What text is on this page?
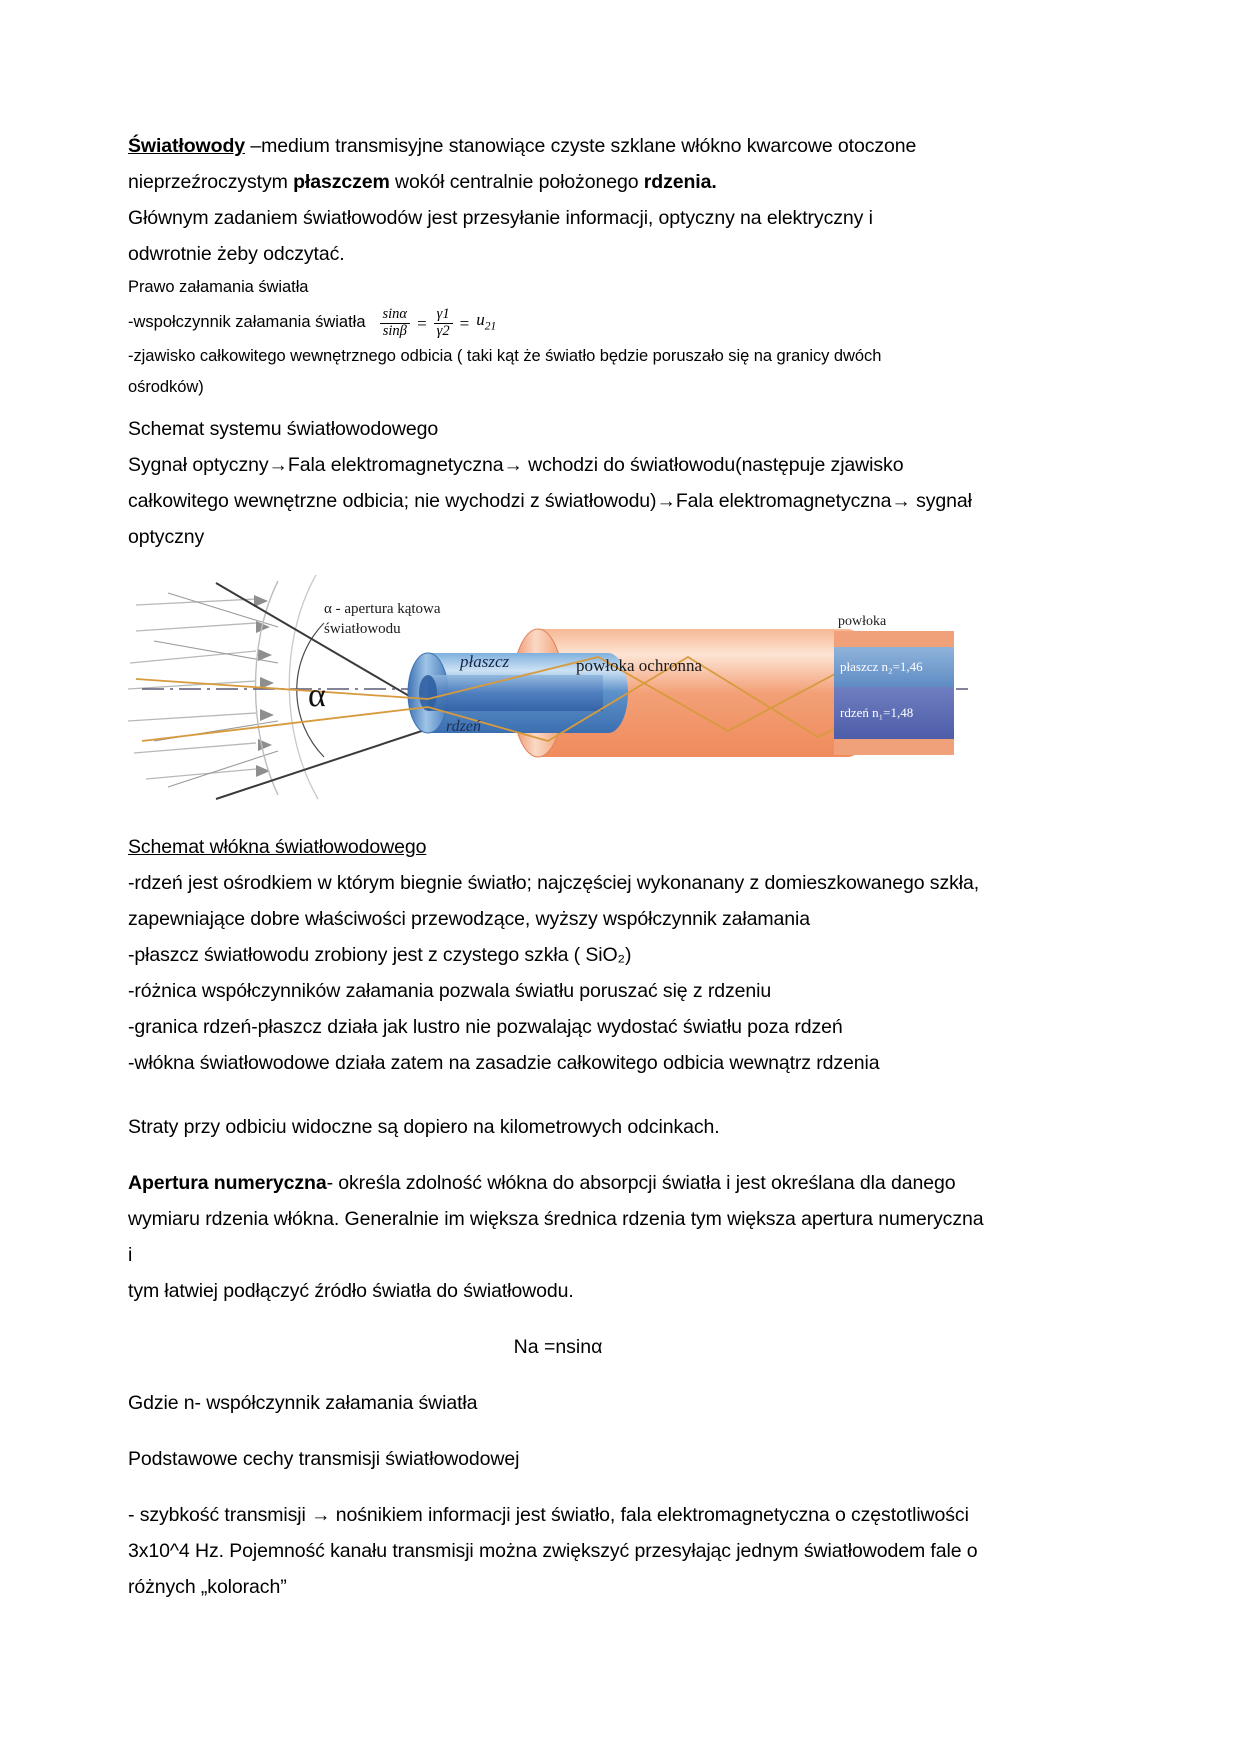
Światłowody –medium transmisyjne stanowiące czyste szklane włókno kwarcowe otoczone
nieprzeźroczystym płaszczem wokół centralnie położonego rdzenia.
Głównym zadaniem światłowodów jest przesyłanie informacji, optyczny na elektryczny i
odwrotnie żeby odczytać.
Prawo załamania światła
-wspołczynnik załamania światła $\frac{\sin\alpha}{\sin\beta} = \frac{\gamma 1}{\gamma 2} = u_{21}$
-zjawisko całkowitego wewnętrznego odbicia ( taki kąt że światło będzie poruszało się na granicy dwóch
ośrodków)
Schemat systemu światłowodowego
Sygnał optyczny→Fala elektromagnetyczna→ wchodzi do światłowodu(następuje zjawisko
całkowitego wewnętrzne odbicia; nie wychodzi z światłowodu)→Fala elektromagnetyczna→ sygnał
optyczny
powłoka
płaszcz n₂=1,46
rdzeń n₁=1,48
α - apertura kątowa
światłowodu
α
płaszcz
rdzeń
powłoka ochronna
Schemat włókna światłowodowego
-rdzeń jest ośrodkiem w którym biegnie światło; najczęściej wykonanany z domieszkowanego szkła,
zapewniające dobre właściwości przewodzące, wyższy współczynnik załamania
-płaszcz światłowodu zrobiony jest z czystego szkła ( SiO₂)
-różnica współczynników załamania pozwala światłu poruszać się z rdzeniu
-granica rdzeń-płaszcz działa jak lustro nie pozwalając wydostać światłu poza rdzeń
-włókna światłowodowe działa zatem na zasadzie całkowitego odbicia wewnątrz rdzenia
Straty przy odbiciu widoczne są dopiero na kilometrowych odcinkach.
Apertura numeryczna- określa zdolność włókna do absorpcji światła i jest określana dla danego
wymiaru rdzenia włókna. Generalnie im większa średnica rdzenia tym większa apertura numeryczna i
tym łatwiej podłączyć źródło światła do światłowodu.
Na =nsinα
Gdzie n- współczynnik załamania światła
Podstawowe cechy transmisji światłowodowej
- szybkość transmisji → nośnikiem informacji jest światło, fala elektromagnetyczna o częstotliwości
3x10^4 Hz. Pojemność kanału transmisji można zwiększyć przesyłając jednym światłowodem fale o
różnych „kolorach”
